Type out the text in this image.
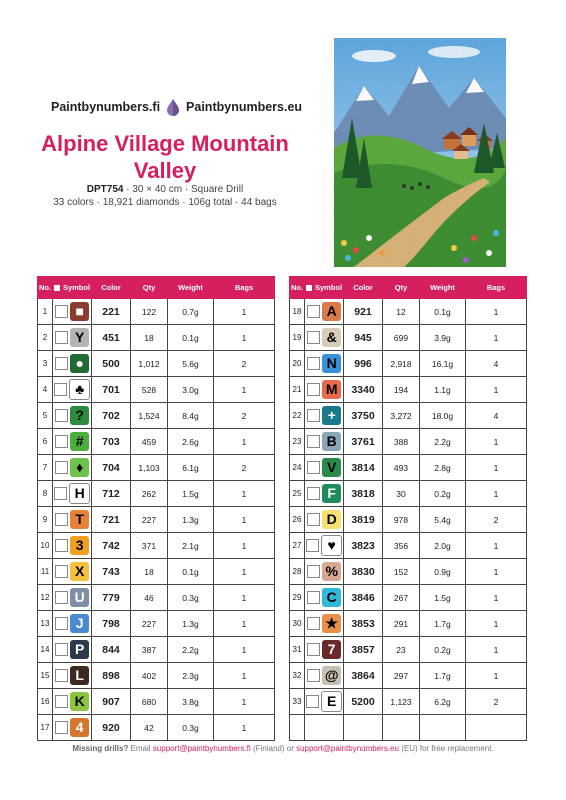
Paintbynumbers.fi Paintbynumbers.eu
Alpine Village Mountain Valley
DPT754 · 30 × 40 cm · Square Drill
33 colors · 18,921 diamonds · 106g total · 44 bags
No.	Symbol	Color	Qty	Weight	Bags
1	■	221	122	0.7g	1
2	Y	451	18	0.1g	1
3	●	500	1,012	5.6g	2
4	♣	701	528	3.0g	1
5	?	702	1,524	8.4g	2
6	#	703	459	2.6g	1
7	♦	704	1,103	6.1g	2
8	H	712	262	1.5g	1
9	T	721	227	1.3g	1
10	3	742	371	2.1g	1
11	X	743	18	0.1g	1
12	U	779	46	0.3g	1
13	J	798	227	1.3g	1
14	P	844	387	2.2g	1
15	L	898	402	2.3g	1
16	K	907	680	3.8g	1
17	4	920	42	0.3g	1
No.	Symbol	Color	Qty	Weight	Bags
18	A	921	12	0.1g	1
19	&	945	699	3.9g	1
20	N	996	2,918	16.1g	4
21	M	3340	194	1.1g	1
22	+	3750	3,272	18.0g	4
23	B	3761	388	2.2g	1
24	V	3814	493	2.8g	1
25	F	3818	30	0.2g	1
26	D	3819	978	5.4g	2
27	♥	3823	356	2.0g	1
28	%	3830	152	0.9g	1
29	C	3846	267	1.5g	1
30	★	3853	291	1.7g	1
31	7	3857	23	0.2g	1
32	@	3864	297	1.7g	1
33	E	5200	1,123	6.2g	2

Missing drills? Email support@paintbynumbers.fi (Finland) or support@paintbynumbers.eu (EU) for free replacement.
